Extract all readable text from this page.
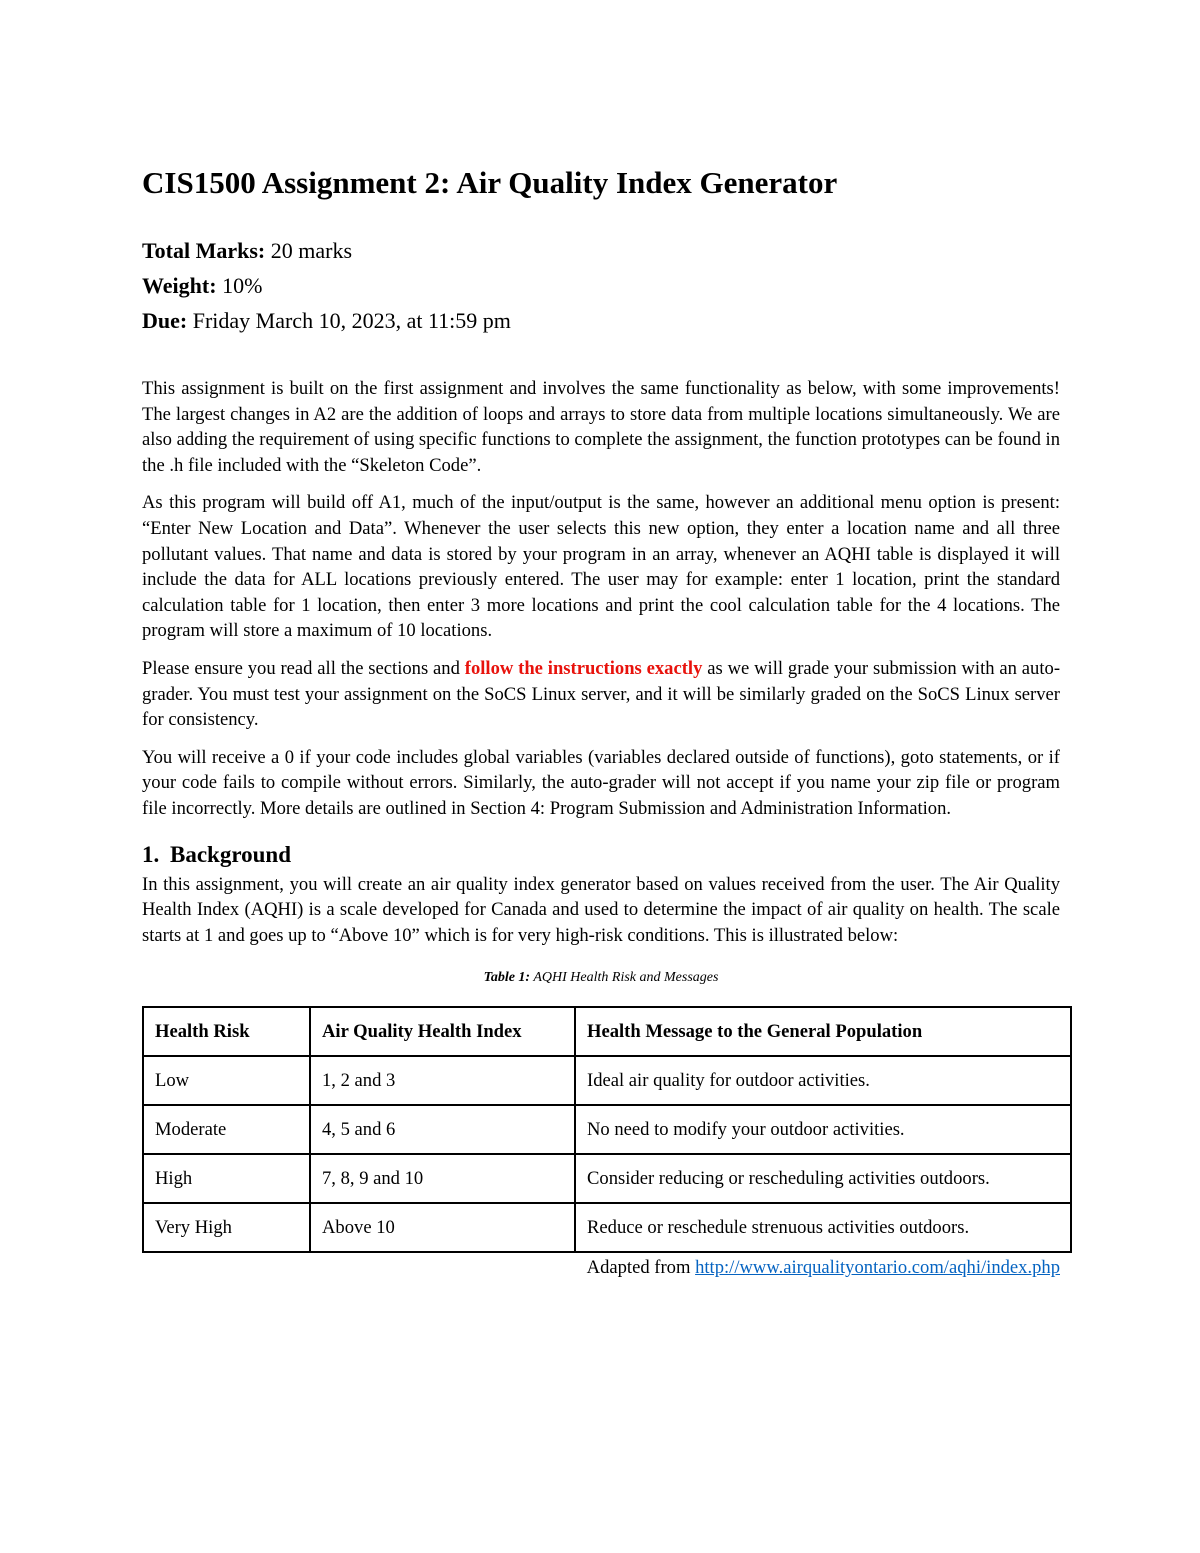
CIS1500 Assignment 2: Air Quality Index Generator
Total Marks: 20 marks
Weight: 10%
Due: Friday March 10, 2023, at 11:59 pm

This assignment is built on the first assignment and involves the same functionality as below, with some improvements! The largest changes in A2 are the addition of loops and arrays to store data from multiple locations simultaneously. We are also adding the requirement of using specific functions to complete the assignment, the function prototypes can be found in the .h file included with the “Skeleton Code”.

As this program will build off A1, much of the input/output is the same, however an additional menu option is present: “Enter New Location and Data”. Whenever the user selects this new option, they enter a location name and all three pollutant values. That name and data is stored by your program in an array, whenever an AQHI table is displayed it will include the data for ALL locations previously entered. The user may for example: enter 1 location, print the standard calculation table for 1 location, then enter 3 more locations and print the cool calculation table for the 4 locations. The program will store a maximum of 10 locations.

Please ensure you read all the sections and follow the instructions exactly as we will grade your submission with an auto-grader. You must test your assignment on the SoCS Linux server, and it will be similarly graded on the SoCS Linux server for consistency.

You will receive a 0 if your code includes global variables (variables declared outside of functions), goto statements, or if your code fails to compile without errors. Similarly, the auto-grader will not accept if you name your zip file or program file incorrectly. More details are outlined in Section 4: Program Submission and Administration Information.

1. Background

In this assignment, you will create an air quality index generator based on values received from the user. The Air Quality Health Index (AQHI) is a scale developed for Canada and used to determine the impact of air quality on health. The scale starts at 1 and goes up to “Above 10” which is for very high-risk conditions. This is illustrated below:

Table 1: AQHI Health Risk and Messages
Health Risk	Air Quality Health Index	Health Message to the General Population
Low	1, 2 and 3	Ideal air quality for outdoor activities.
Moderate	4, 5 and 6	No need to modify your outdoor activities.
High	7, 8, 9 and 10	Consider reducing or rescheduling activities outdoors.
Very High	Above 10	Reduce or reschedule strenuous activities outdoors.
Adapted from http://www.airqualityontario.com/aqhi/index.php
